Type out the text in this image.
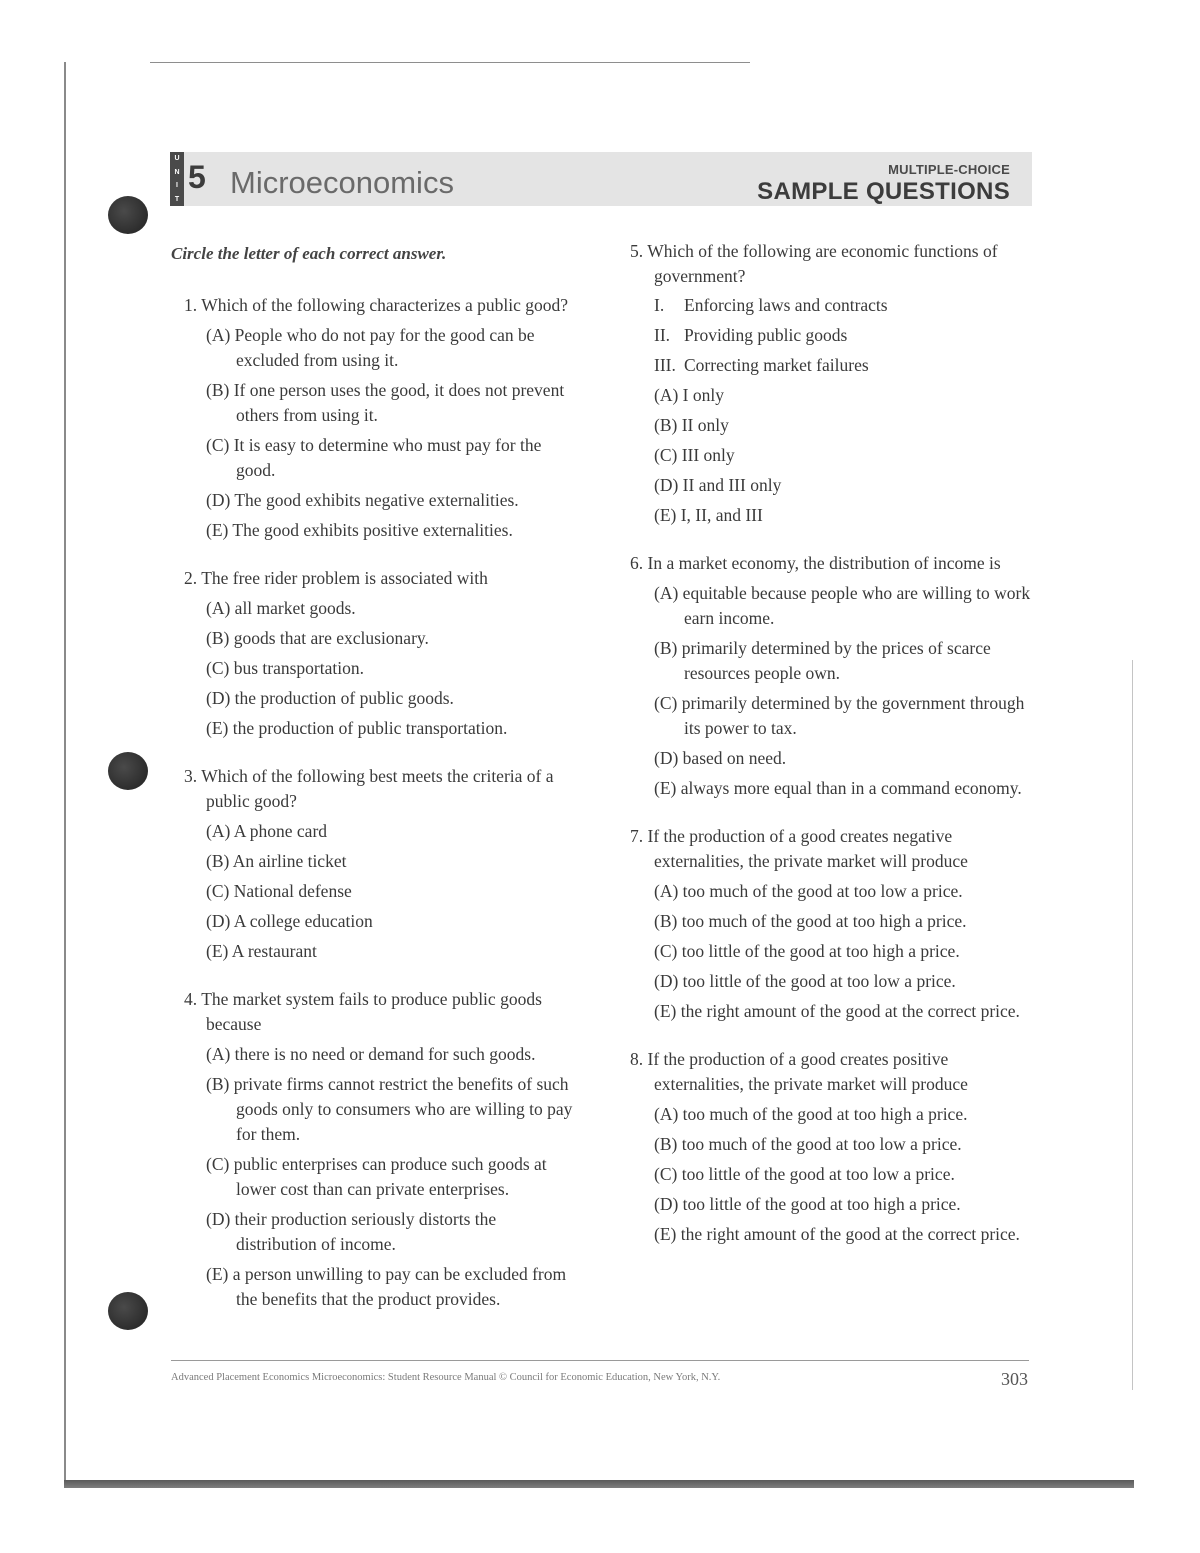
U
N
I
T
5 Microeconomics	MULTIPLE-CHOICE
SAMPLE QUESTIONS
Circle the letter of each correct answer.
1. Which of the following characterizes a public good?
(A) People who do not pay for the good can be excluded from using it.
(B) If one person uses the good, it does not prevent others from using it.
(C) It is easy to determine who must pay for the good.
(D) The good exhibits negative externalities.
(E) The good exhibits positive externalities.
2. The free rider problem is associated with
(A) all market goods.
(B) goods that are exclusionary.
(C) bus transportation.
(D) the production of public goods.
(E) the production of public transportation.
3. Which of the following best meets the criteria of a public good?
(A) A phone card
(B) An airline ticket
(C) National defense
(D) A college education
(E) A restaurant
4. The market system fails to produce public goods because
(A) there is no need or demand for such goods.
(B) private firms cannot restrict the benefits of such goods only to consumers who are willing to pay for them.
(C) public enterprises can produce such goods at lower cost than can private enterprises.
(D) their production seriously distorts the distribution of income.
(E) a person unwilling to pay can be excluded from the benefits that the product provides.
5. Which of the following are economic functions of government?
I.	Enforcing laws and contracts
II. Providing public goods
III. Correcting market failures
(A) I only
(B) II only
(C) III only
(D) II and III only
(E) I, II, and III
6. In a market economy, the distribution of income is
(A) equitable because people who are willing to work earn income.
(B) primarily determined by the prices of scarce resources people own.
(C) primarily determined by the government through its power to tax.
(D) based on need.
(E) always more equal than in a command economy.
7. If the production of a good creates negative externalities, the private market will produce
(A) too much of the good at too low a price.
(B) too much of the good at too high a price.
(C) too little of the good at too high a price.
(D) too little of the good at too low a price.
(E) the right amount of the good at the correct price.
8. If the production of a good creates positive externalities, the private market will produce
(A) too much of the good at too high a price.
(B) too much of the good at too low a price.
(C) too little of the good at too low a price.
(D) too little of the good at too high a price.
(E) the right amount of the good at the correct price.
Advanced Placement Economics Microeconomics: Student Resource Manual © Council for Economic Education, New York, N.Y.	303
